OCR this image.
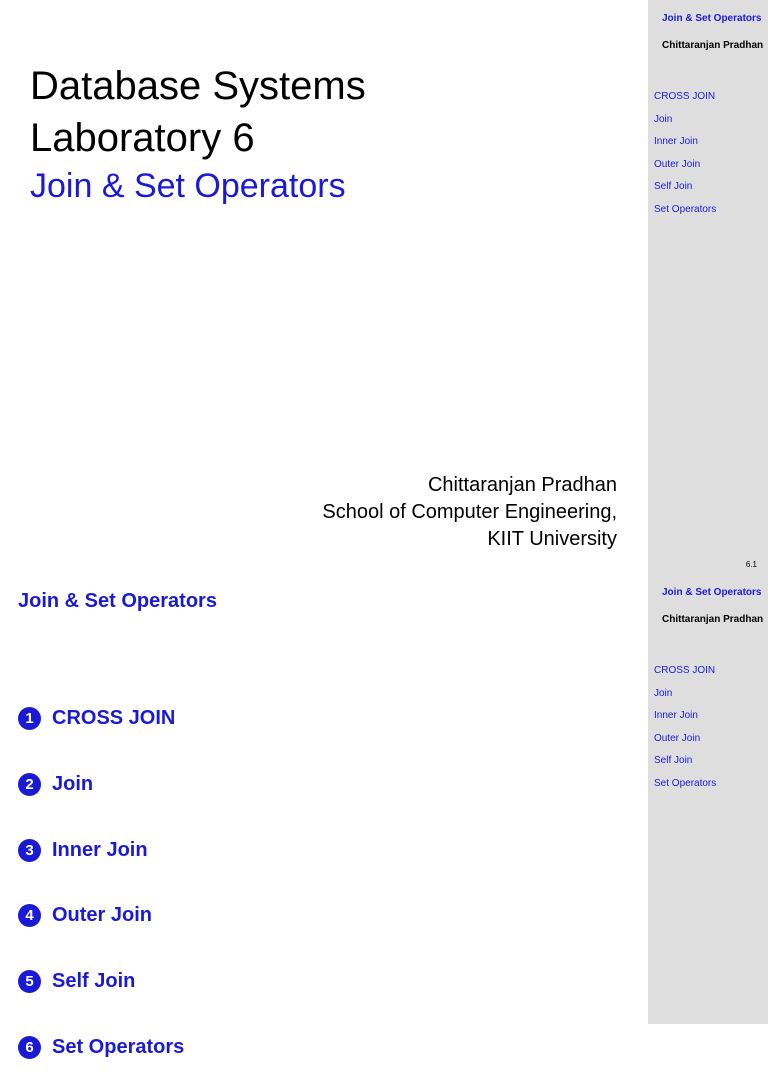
Database Systems
Laboratory 6
Join & Set Operators
Chittaranjan Pradhan
School of Computer Engineering,
KIIT University
Join & Set Operators
Chittaranjan Pradhan
CROSS JOIN
Join
Inner Join
Outer Join
Self Join
Set Operators
6.1
Join & Set Operators
1 CROSS JOIN
2 Join
3 Inner Join
4 Outer Join
5 Self Join
6 Set Operators
Join & Set Operators
Chittaranjan Pradhan
CROSS JOIN
Join
Inner Join
Outer Join
Self Join
Set Operators
